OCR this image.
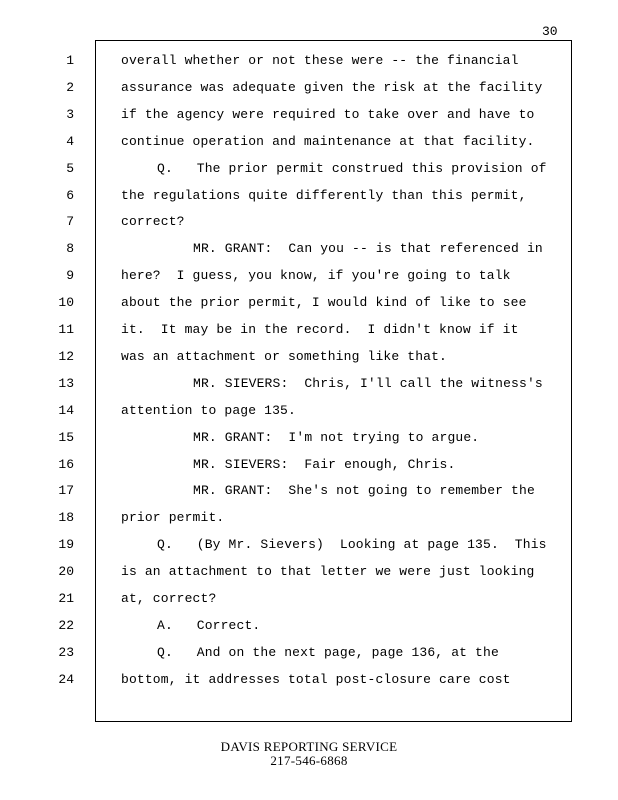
30
1
2
3
4
5
6
7
8
9
10
11
12
13
14
15
16
17
18
19
20
21
22
23
24
overall whether or not these were -- the financial
assurance was adequate given the risk at the facility
if the agency were required to take over and have to
continue operation and maintenance at that facility.
Q.   The prior permit construed this provision of
the regulations quite differently than this permit,
correct?
MR. GRANT:  Can you -- is that referenced in
here?  I guess, you know, if you're going to talk
about the prior permit, I would kind of like to see
it.  It may be in the record.  I didn't know if it
was an attachment or something like that.
MR. SIEVERS:  Chris, I'll call the witness's
attention to page 135.
MR. GRANT:  I'm not trying to argue.
MR. SIEVERS:  Fair enough, Chris.
MR. GRANT:  She's not going to remember the
prior permit.
Q.   (By Mr. Sievers)  Looking at page 135.  This
is an attachment to that letter we were just looking
at, correct?
A.   Correct.
Q.   And on the next page, page 136, at the
bottom, it addresses total post-closure care cost
DAVIS REPORTING SERVICE
217-546-6868
